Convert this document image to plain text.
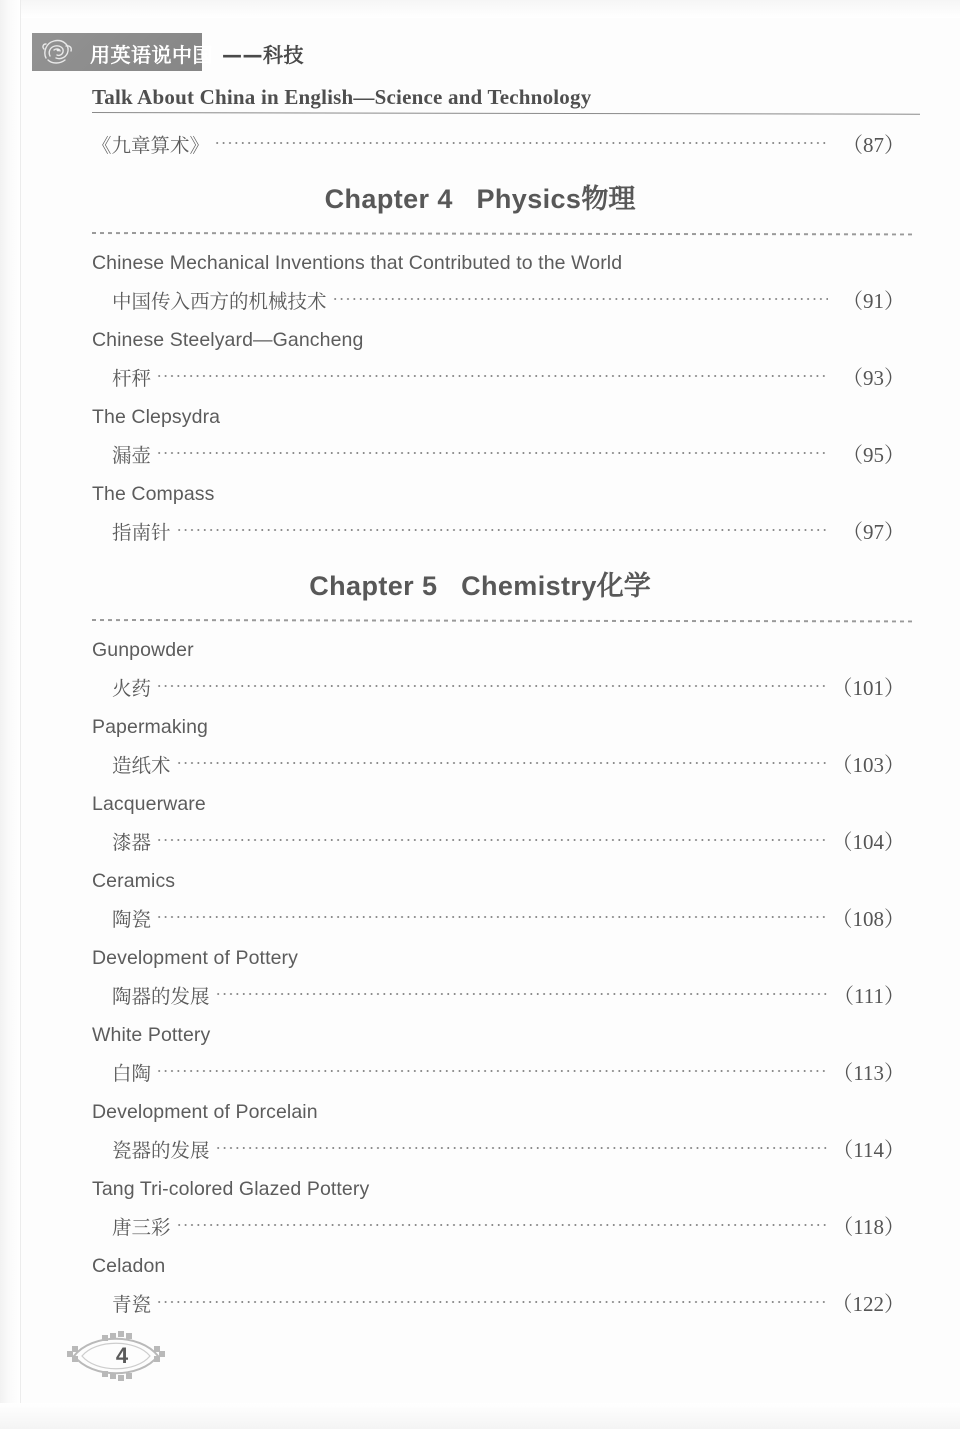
用英语说中国 ——科技
Talk About China in English—Science and Technology
《九章算术》	（87）
Chapter 4   Physics物理
Chinese Mechanical Inventions that Contributed to the World
中国传入西方的机械技术	（91）
Chinese Steelyard—Gancheng
杆秤	（93）
The Clepsydra
漏壶	（95）
The Compass
指南针	（97）
Chapter 5   Chemistry化学
Gunpowder
火药	（101）
Papermaking
造纸术	（103）
Lacquerware
漆器	（104）
Ceramics
陶瓷	（108）
Development of Pottery
陶器的发展	（111）
White Pottery
白陶	（113）
Development of Porcelain
瓷器的发展	（114）
Tang Tri-colored Glazed Pottery
唐三彩	（118）
Celadon
青瓷	（122）
4
